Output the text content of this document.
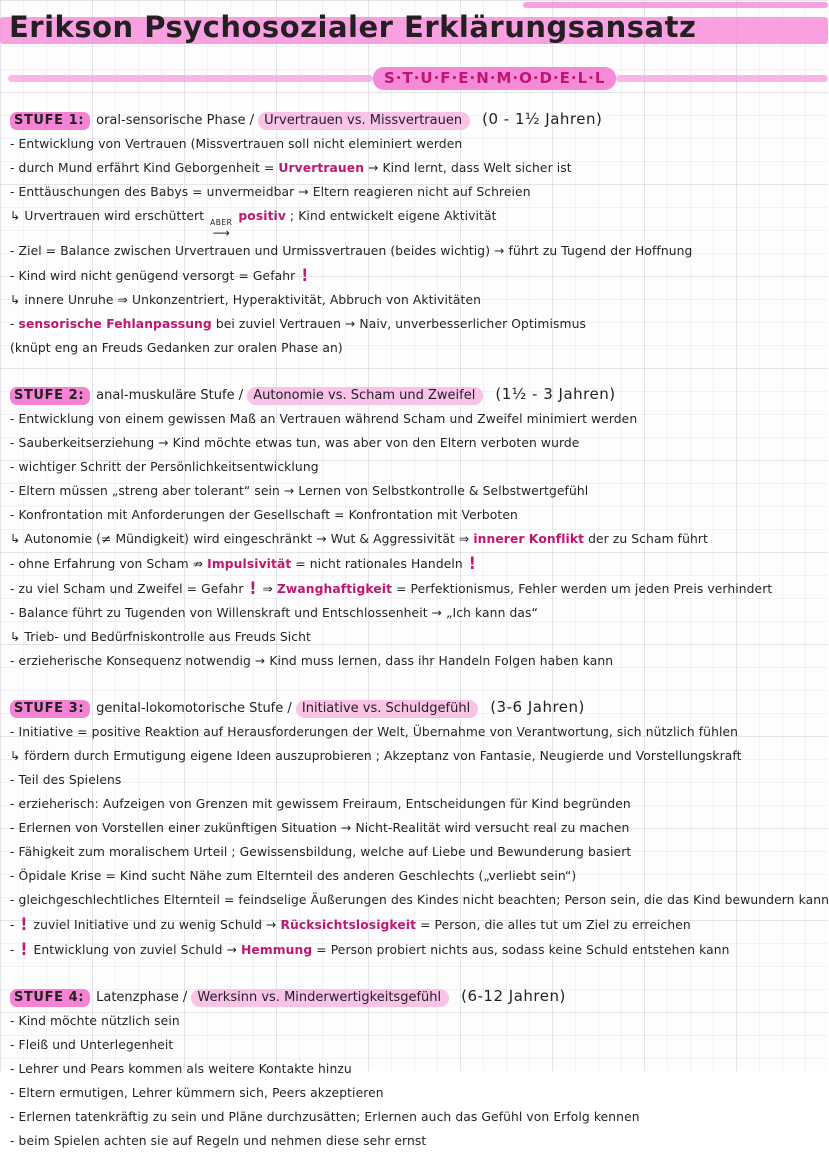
Erikson Psychosozialer Erklärungsansatz
S·T·U·F·E·N·M·O·D·E·L·L
STUFE 1: oral-sensorische Phase / Urvertrauen vs. Missvertrauen (0 - 1½ Jahren)
- Entwicklung von Vertrauen (Missvertrauen soll nicht eleminiert werden
- durch Mund erfährt Kind Geborgenheit = Urvertrauen → Kind lernt, dass Welt sicher ist
- Enttäuschungen des Babys = unvermeidbar → Eltern reagieren nicht auf Schreien
↳ Urvertrauen wird erschüttert ABER
⟶
positiv ; Kind entwickelt eigene Aktivität
- Ziel = Balance zwischen Urvertrauen und Urmissvertrauen (beides wichtig) → führt zu Tugend der Hoffnung
- Kind wird nicht genügend versorgt = Gefahr !
↳ innere Unruhe ⇒ Unkonzentriert, Hyperaktivität, Abbruch von Aktivitäten
- sensorische Fehlanpassung bei zuviel Vertrauen → Naiv, unverbesserlicher Optimismus
(knüpt eng an Freuds Gedanken zur oralen Phase an)
STUFE 2: anal-muskuläre Stufe / Autonomie vs. Scham und Zweifel (1½ - 3 Jahren)
- Entwicklung von einem gewissen Maß an Vertrauen während Scham und Zweifel minimiert werden
- Sauberkeitserziehung → Kind möchte etwas tun, was aber von den Eltern verboten wurde
- wichtiger Schritt der Persönlichkeitsentwicklung
- Eltern müssen „streng aber tolerant“ sein → Lernen von Selbstkontrolle & Selbstwertgefühl
- Konfrontation mit Anforderungen der Gesellschaft = Konfrontation mit Verboten
↳ Autonomie (≠ Mündigkeit) wird eingeschränkt → Wut & Aggressivität ⇒ innerer Konflikt der zu Scham führt
- ohne Erfahrung von Scham ⇏ Impulsivität = nicht rationales Handeln !
- zu viel Scham und Zweifel = Gefahr ! ⇒ Zwanghaftigkeit = Perfektionismus, Fehler werden um jeden Preis verhindert
- Balance führt zu Tugenden von Willenskraft und Entschlossenheit → „Ich kann das“
↳ Trieb- und Bedürfniskontrolle aus Freuds Sicht
- erzieherische Konsequenz notwendig → Kind muss lernen, dass ihr Handeln Folgen haben kann
STUFE 3: genital-lokomotorische Stufe / Initiative vs. Schuldgefühl (3-6 Jahren)
- Initiative = positive Reaktion auf Herausforderungen der Welt, Übernahme von Verantwortung, sich nützlich fühlen
↳ fördern durch Ermutigung eigene Ideen auszuprobieren ; Akzeptanz von Fantasie, Neugierde und Vorstellungskraft
- Teil des Spielens
- erzieherisch: Aufzeigen von Grenzen mit gewissem Freiraum, Entscheidungen für Kind begründen
- Erlernen von Vorstellen einer zukünftigen Situation → Nicht-Realität wird versucht real zu machen
- Fähigkeit zum moralischem Urteil ; Gewissensbildung, welche auf Liebe und Bewunderung basiert
- Öpidale Krise = Kind sucht Nähe zum Elternteil des anderen Geschlechts („verliebt sein“)
- gleichgeschlechtliches Elternteil = feindselige Äußerungen des Kindes nicht beachten; Person sein, die das Kind bewundern kann
- ! zuviel Initiative und zu wenig Schuld → Rücksichtslosigkeit = Person, die alles tut um Ziel zu erreichen
- ! Entwicklung von zuviel Schuld → Hemmung = Person probiert nichts aus, sodass keine Schuld entstehen kann
STUFE 4: Latenzphase / Werksinn vs. Minderwertigkeitsgefühl (6-12 Jahren)
- Kind möchte nützlich sein
- Fleiß und Unterlegenheit
- Lehrer und Pears kommen als weitere Kontakte hinzu
- Eltern ermutigen, Lehrer kümmern sich, Peers akzeptieren
- Erlernen tatenkräftig zu sein und Pläne durchzusätten; Erlernen auch das Gefühl von Erfolg kennen
- beim Spielen achten sie auf Regeln und nehmen diese sehr ernst
